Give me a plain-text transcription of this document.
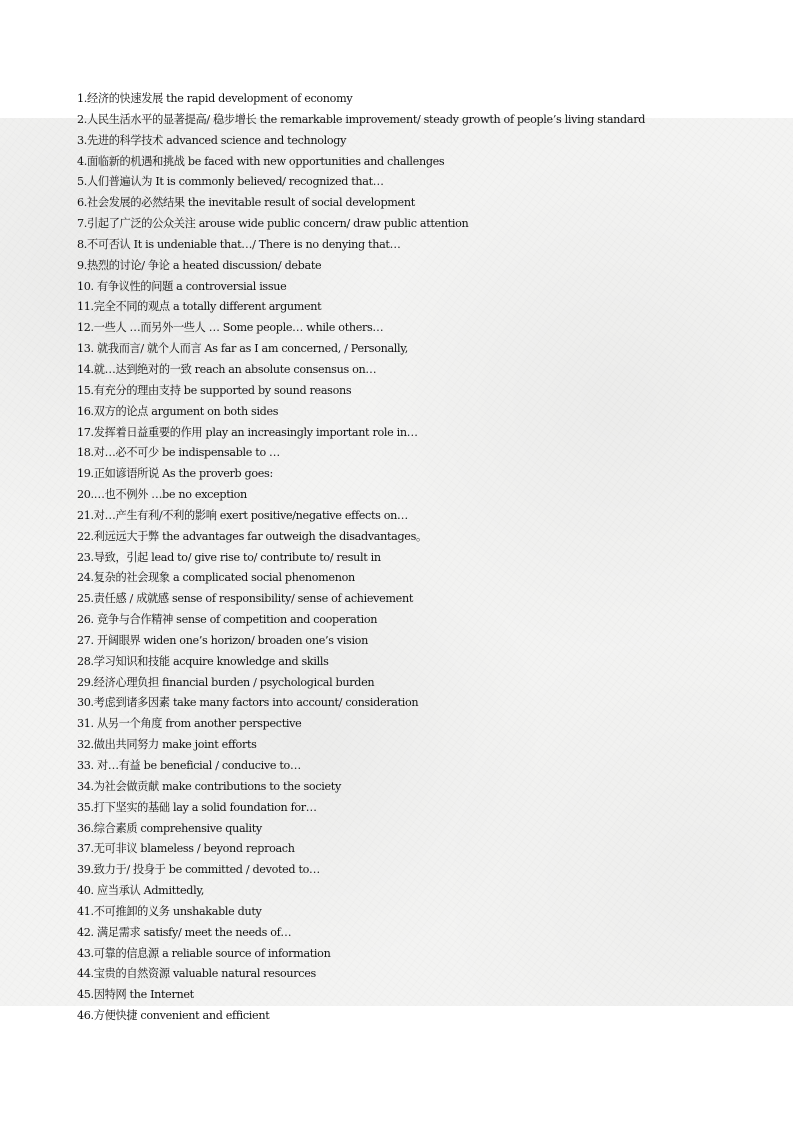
1.经济的快速发展 the rapid development of economy
2.人民生活水平的显著提高/ 稳步增长 the remarkable improvement/ steady growth of people’s living standard
3.先进的科学技术 advanced science and technology
4.面临新的机遇和挑战 be faced with new opportunities and challenges
5.人们普遍认为 It is commonly believed/ recognized that…
6.社会发展的必然结果 the inevitable result of social development
7.引起了广泛的公众关注 arouse wide public concern/ draw public attention
8.不可否认 It is undeniable that…/ There is no denying that…
9.热烈的讨论/ 争论 a heated discussion/ debate
10. 有争议性的问题 a controversial issue
11.完全不同的观点 a totally different argument
12.一些人 …而另外一些人 … Some people… while others…
13. 就我而言/ 就个人而言 As far as I am concerned, / Personally,
14.就…达到绝对的一致 reach an absolute consensus on…
15.有充分的理由支持 be supported by sound reasons
16.双方的论点 argument on both sides
17.发挥着日益重要的作用 play an increasingly important role in…
18.对…必不可少 be indispensable to …
19.正如谚语所说 As the proverb goes:
20.…也不例外 …be no exception
21.对…产生有利/不利的影响 exert positive/negative effects on…
22.利远远大于弊 the advantages far outweigh the disadvantages。
23.导致，引起 lead to/ give rise to/ contribute to/ result in
24.复杂的社会现象 a complicated social phenomenon
25.责任感 / 成就感 sense of responsibility/ sense of achievement
26. 竞争与合作精神 sense of competition and cooperation
27. 开阔眼界 widen one’s horizon/ broaden one’s vision
28.学习知识和技能 acquire knowledge and skills
29.经济心理负担 financial burden / psychological burden
30.考虑到诸多因素 take many factors into account/ consideration
31. 从另一个角度 from another perspective
32.做出共同努力 make joint efforts
33. 对…有益 be beneficial / conducive to…
34.为社会做贡献 make contributions to the society
35.打下坚实的基础 lay a solid foundation for…
36.综合素质 comprehensive quality
37.无可非议 blameless / beyond reproach
39.致力于/ 投身于 be committed / devoted to…
40. 应当承认 Admittedly,
41.不可推卸的义务 unshakable duty
42. 满足需求 satisfy/ meet the needs of…
43.可靠的信息源 a reliable source of information
44.宝贵的自然资源 valuable natural resources
45.因特网 the Internet
46.方便快捷 convenient and efficient
